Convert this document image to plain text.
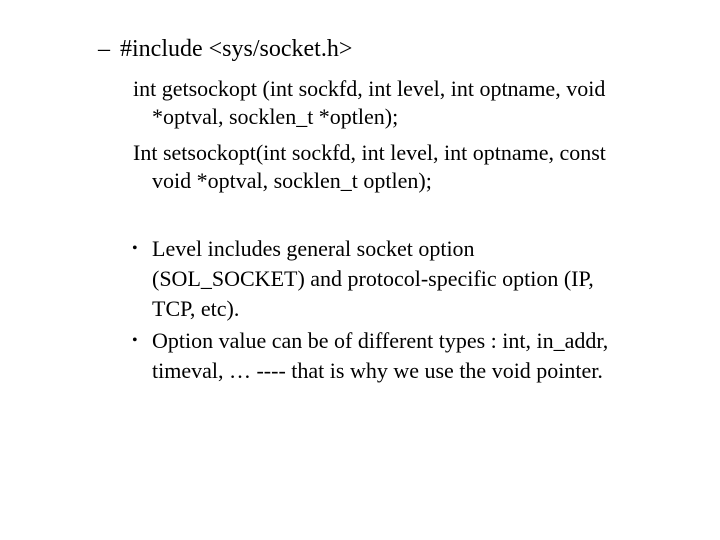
– #include <sys/socket.h>
int getsockopt (int sockfd, int level, int optname, void
*optval, socklen_t *optlen);
Int setsockopt(int sockfd, int level, int optname, const
void *optval, socklen_t optlen);
• Level includes general socket option
(SOL_SOCKET) and protocol-specific option (IP,
TCP, etc).
• Option value can be of different types : int, in_addr,
timeval, … ---- that is why we use the void pointer.
